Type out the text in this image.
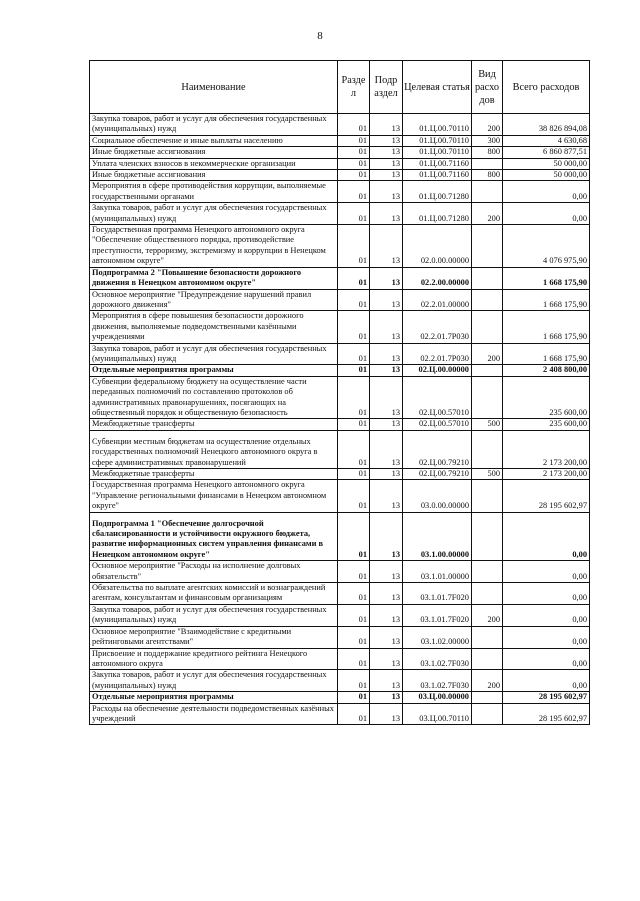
8
Наименование	Разде л	Подр аздел	Целевая статья	Вид расхо дов	Всего расходов
Закупка товаров, работ и услуг для обеспечения государственных (муниципальных) нужд	01	13	01.Ц.00.70110	200	38 826 894,08
Социальное обеспечение и иные выплаты населению	01	13	01.Ц.00.70110	300	4 630,68
Иные бюджетные ассигнования	01	13	01.Ц.00.70110	800	6 860 877,51
Уплата членских взносов в некоммерческие организации	01	13	01.Ц.00.71160		50 000,00
Иные бюджетные ассигнования	01	13	01.Ц.00.71160	800	50 000,00
Мероприятия в сфере противодействия коррупции, выполняемые государственными органами	01	13	01.Ц.00.71280		0,00
Закупка товаров, работ и услуг для обеспечения государственных (муниципальных) нужд	01	13	01.Ц.00.71280	200	0,00
Государственная программа Ненецкого автономного округа "Обеспечение общественного порядка, противодействие преступности, терроризму, экстремизму и коррупции в Ненецком автономном округе"	01	13	02.0.00.00000		4 076 975,90
Подпрограмма 2 "Повышение безопасности дорожного движения в Ненецком автономном округе"	01	13	02.2.00.00000		1 668 175,90
Основное мероприятие "Предупреждение нарушений правил дорожного движения"	01	13	02.2.01.00000		1 668 175,90
Мероприятия в сфере повышения безопасности дорожного движения, выполняемые подведомственными казёнными учреждениями	01	13	02.2.01.7Р030		1 668 175,90
Закупка товаров, работ и услуг для обеспечения государственных (муниципальных) нужд	01	13	02.2.01.7Р030	200	1 668 175,90
Отдельные мероприятия программы	01	13	02.Ц.00.00000		2 408 800,00
Субвенции федеральному бюджету на осуществление части переданных полномочий по составлению протоколов об административных правонарушениях, посягающих на общественный порядок и общественную безопасность	01	13	02.Ц.00.57010		235 600,00
Межбюджетные трансферты	01	13	02.Ц.00.57010	500	235 600,00
Субвенции местным бюджетам на осуществление отдельных государственных полномочий Ненецкого автономного округа в сфере административных правонарушений	01	13	02.Ц.00.79210		2 173 200,00
Межбюджетные трансферты	01	13	02.Ц.00.79210	500	2 173 200,00
Государственная программа Ненецкого автономного округа "Управление региональными финансами в Ненецком автономном округе"	01	13	03.0.00.00000		28 195 602,97
Подпрограмма 1 "Обеспечение долгосрочной сбалансированности и устойчивости окружного бюджета, развитие информационных систем управления финансами в Ненецком автономном округе"	01	13	03.1.00.00000		0,00
Основное мероприятие "Расходы на исполнение долговых обязательств"	01	13	03.1.01.00000		0,00
Обязательства по выплате агентских комиссий и вознаграждений агентам, консультантам и финансовым организациям	01	13	03.1.01.7F020		0,00
Закупка товаров, работ и услуг для обеспечения государственных (муниципальных) нужд	01	13	03.1.01.7F020	200	0,00
Основное мероприятие "Взаимодействие с кредитными рейтинговыми агентствами"	01	13	03.1.02.00000		0,00
Присвоение и поддержание кредитного рейтинга Ненецкого автономного округа	01	13	03.1.02.7F030		0,00
Закупка товаров, работ и услуг для обеспечения государственных (муниципальных) нужд	01	13	03.1.02.7F030	200	0,00
Отдельные мероприятия программы	01	13	03.Ц.00.00000		28 195 602,97
Расходы на обеспечение деятельности подведомственных казённых учреждений	01	13	03.Ц.00.70110		28 195 602,97
